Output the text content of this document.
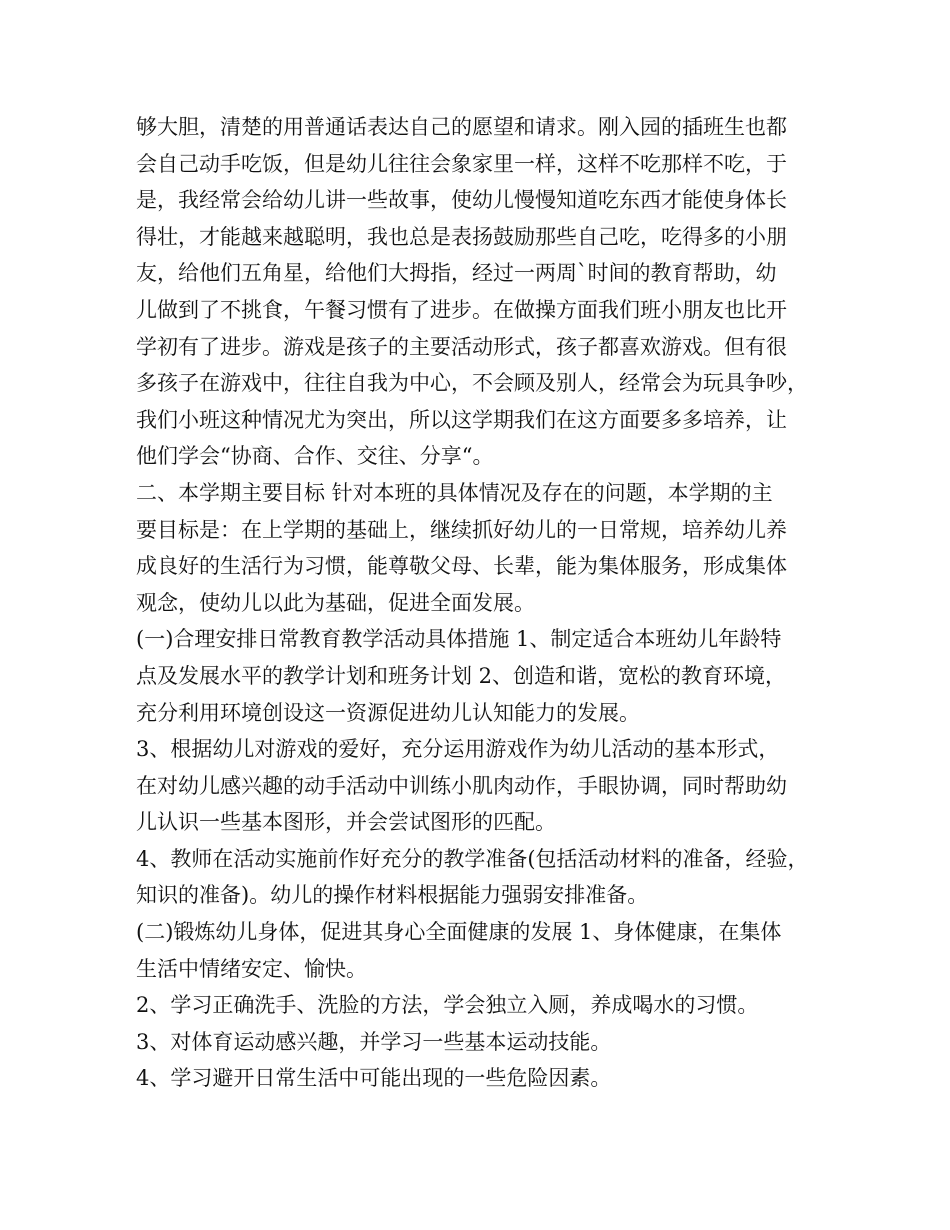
够大胆，清楚的用普通话表达自己的愿望和请求。刚入园的插班生也都
会自己动手吃饭，但是幼儿往往会象家里一样，这样不吃那样不吃，于
是，我经常会给幼儿讲一些故事，使幼儿慢慢知道吃东西才能使身体长
得壮，才能越来越聪明，我也总是表扬鼓励那些自己吃，吃得多的小朋
友，给他们五角星，给他们大拇指，经过一两周`时间的教育帮助，幼
儿做到了不挑食，午餐习惯有了进步。在做操方面我们班小朋友也比开
学初有了进步。游戏是孩子的主要活动形式，孩子都喜欢游戏。但有很
多孩子在游戏中，往往自我为中心，不会顾及别人，经常会为玩具争吵，
我们小班这种情况尤为突出，所以这学期我们在这方面要多多培养，让
他们学会“协商、合作、交往、分享“。
二、本学期主要目标 针对本班的具体情况及存在的问题，本学期的主
要目标是：在上学期的基础上，继续抓好幼儿的一日常规，培养幼儿养
成良好的生活行为习惯，能尊敬父母、长辈，能为集体服务，形成集体
观念，使幼儿以此为基础，促进全面发展。
(一)合理安排日常教育教学活动具体措施 1、制定适合本班幼儿年龄特
点及发展水平的教学计划和班务计划 2、创造和谐，宽松的教育环境，
充分利用环境创设这一资源促进幼儿认知能力的发展。
3、根据幼儿对游戏的爱好，充分运用游戏作为幼儿活动的基本形式，
在对幼儿感兴趣的动手活动中训练小肌肉动作，手眼协调，同时帮助幼
儿认识一些基本图形，并会尝试图形的匹配。
4、教师在活动实施前作好充分的教学准备(包括活动材料的准备，经验，
知识的准备)。幼儿的操作材料根据能力强弱安排准备。
(二)锻炼幼儿身体，促进其身心全面健康的发展 1、身体健康，在集体
生活中情绪安定、愉快。
2、学习正确洗手、洗脸的方法，学会独立入厕，养成喝水的习惯。
3、对体育运动感兴趣，并学习一些基本运动技能。
4、学习避开日常生活中可能出现的一些危险因素。
